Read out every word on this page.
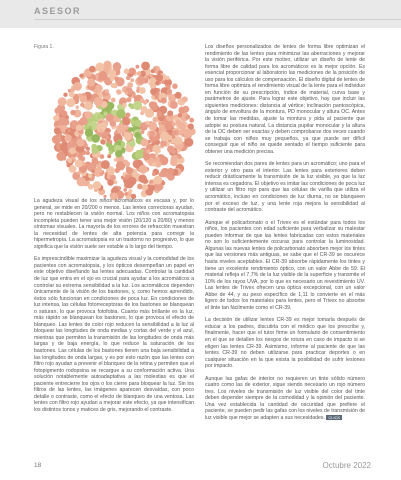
ASESOR
Figura 1.

La agudeza visual de los niños acromáticos es escasa y, por lo general, se mide en 20/200 o menos. Las lentes correctoras ayudan, pero no restablecen la visión normal. Los niños con acromatopsia incompleta pueden tener una mejor visión (20/120 a 20/80) y menos síntomas visuales. La mayoría de los errores de refracción muestran la necesidad de lentes de alta potencia para corregir la hipermetropía. La acromatopsia es un trastorno no progresivo, lo que significa que la visión suele ser estable a lo largo del tiempo.

Es imprescindible maximizar la agudeza visual y la comodidad de los pacientes con acromatopsia, y los ópticos desempeñan un papel en este objetivo diseñando las lentes adecuadas. Controlar la cantidad de luz que entra en el ojo es crucial para ayudar a los acromáticos a controlar su extrema sensibilidad a la luz. Los acromáticos dependen únicamente de la visión de los bastones, y, como hemos aprendido, éstos sólo funcionan en condiciones de poca luz. En condiciones de luz intensa, las células fotorreceptoras de los bastones se blanquean o saturan, lo que provoca fotofobia. Cuanto más brillante es la luz, más rápido se blanquean los bastones, lo que provoca el efecto de blanqueo. Las lentes de color rojo reducen la sensibilidad a la luz al bloquear las longitudes de onda medias y cortas del verde y el azul, mientras que permiten la transmisión de las longitudes de onda más largas y de baja energía, lo que reduce la saturación de los bastones. Las células de los bastones tienen una baja sensibilidad a las longitudes de onda largas, y es por esto razón que las lentes con filtro rojo ayudan a prevenir el blanqueo de la retina y permiten que el fotopigmento rodopsina se recargue a su conformación activa. Una solución notablemente autoadaptativa a las molestias es que el paciente entrecierre los ojos o los cierre para bloquear la luz. Sin los filtros de las lentes, las imágenes aparecen desvaídas, con poco detalle o contraste, como el efecto de blanqueo de una ventosa. Las lentes con filtro rojo ayudan a mejorar este efecto, ya que intensifican los distintos tonos y matices de gris, mejorando el contraste.

Los diseños personalizados de lentes de forma libre optimizan el rendimiento de las lentes para minimizar las aberraciones y mejorar la visión periférica. Por este motivo, utilizar un diseño de lente de forma libre de calidad para los acromáticos es la mejor opción. Es esencial proporcionar al laboratorio las mediciones de la posición de uso para los cálculos de compensación. El diseño digital de lentes de forma libre optimiza el rendimiento visual de la lente para el individuo en función de su prescripción, índice de material, curva base y parámetros de ajuste. Para lograr este objetivo, hay que incluir las siguientes mediciones: distancia al vértice; inclinación pantoscópica, ángulo de envoltura de la montura, PD monocular y altura OC. Antes de tomar las medidas, ajuste la montura y pida al paciente que adopte su postura natural. La distancia pupilar monocular y la altura de la OC deben ser exactas y deben comprobarse dos veces cuando se trabaja con niños muy pequeños, ya que puede ser difícil conseguir que el niño se quede sentado el tiempo suficiente para obtener una medición precisa.

Se recomiendan dos pares de lentes para un acromático; uno para el exterior y otro para el interior. Las lentes para exteriores deben reducir drásticamente la transmisión de la luz visible, ya que la luz intensa es cegadora. El objetivo es imitar las condiciones de poca luz y utilizar un filtro rojo para que las células de varilla que utiliza el acromático, incluso en condiciones de luz diurna, no se blanqueen por el exceso de luz, y una lente roja mejora la sensibilidad al contraste del acromático.

Aunque el policarbonato o el Trivex es el estándar para todos los niños, los pacientes con edad suficiente para verbalizar su malestar pueden informar de que las lentes fabricadas con estos materiales no son lo suficientemente oscuras para controlar la luminosidad. Algunas las nuevas lentes de policarbonato absorben mejor los tintes que las versiones más antiguas, se sabe que el CR-39 se oscurece hasta niveles aceptables. El CR-39 absorbe rápidamente los tintes y tiene un excelente rendimiento óptico, con un valor Abbe de 59. El material refleja el 7,7% de la luz visible de la superficie y transmite el 10% de los rayos UVA, por lo que es necesario un revestimiento UV. Las lentes de Trivex ofrecen una óptica excepcional, con un valor Abbe de 44, y su peso específico de 1,11 lo convierte en el más ligero de todos los materiales para lentes, pero el Trivex no absorbe el tinte tan fácilmente como el CR-39.

La decisión de utilizar lentes CR-39 es mejor tomarla después de educar a los padres, discutirla con el médico que los prescribe y, finalmente, hacer que el tutor firme un formulario de consentimiento en el que se detallen los riesgos de rotura en caso de impacto si se eligen las lentes CR-39. Asimismo, informe al paciente de que las lentes CR-39 no deben utilizarse para practicar deportes o en cualquier situación en la que exista la posibilidad de sufrir lesiones por impacto.

Aunque las gafas de interior no requieren un tinte sólido número cuatro como las de exterior, sigue siendo necesario un rojo número tres. Los niveles de transmisión de luz visible del color del tinte deben depender siempre de la comodidad y la opinión del paciente. Una vez establecida la cantidad de oscuridad que prefiere el paciente, se pueden pedir las gafas con los niveles de transmisión de luz visible que mejor se adapten a sus necesidades. CLICK

18	Octubre 2022
